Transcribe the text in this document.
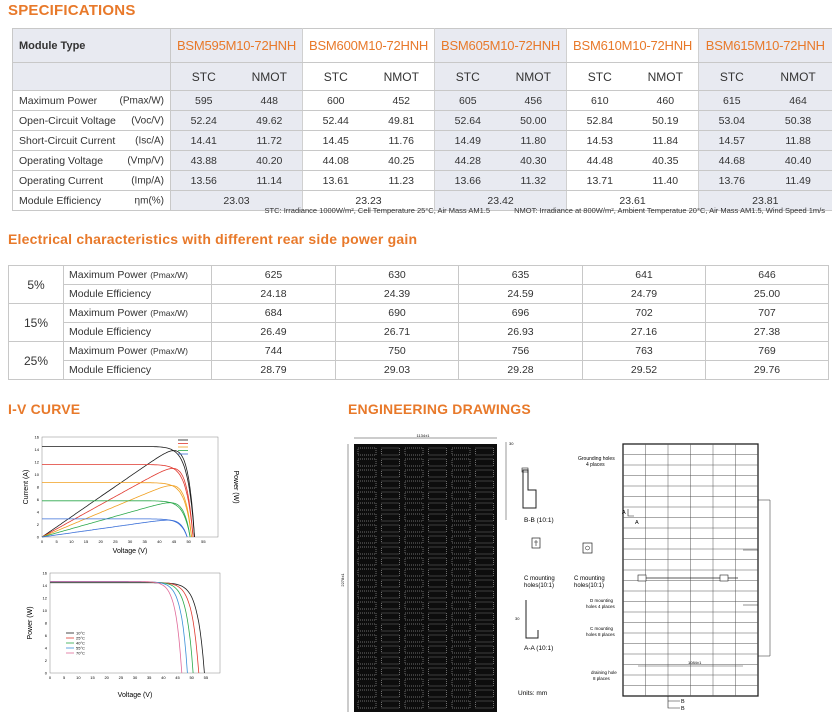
SPECIFICATIONS
Module Type	BSM595M10-72HNH		BSM600M10-72HNH		BSM605M10-72HNH		BSM610M10-72HNH		BSM615M10-72HNH	
	STC	NMOT	STC	NMOT	STC	NMOT	STC	NMOT	STC	NMOT
Maximum Power (Pmax/W)	595	448	600	452	605	456	610	460	615	464
Open-Circuit Voltage (Voc/V)	52.24	49.62	52.44	49.81	52.64	50.00	52.84	50.19	53.04	50.38
Short-Circuit Current (Isc/A)	14.41	11.72	14.45	11.76	14.49	11.80	14.53	11.84	14.57	11.88
Operating Voltage (Vmp/V)	43.88	40.20	44.08	40.25	44.28	40.30	44.48	40.35	44.68	40.40
Operating Current (Imp/A)	13.56	11.14	13.61	11.23	13.66	11.32	13.71	11.40	13.76	11.49
Module Efficiency ηm(%)	23.03		23.23		23.42		23.61		23.81	
STC: Irradiance 1000W/m², Cell Temperature 25°C, Air Mass AM1.5	NMOT: Irradiance at 800W/m², Ambient Temperatue 20°C, Air Mass AM1.5, Wind Speed 1m/s
Electrical characteristics with different rear side power gain
5%	Maximum Power (Pmax/W)	625	630	635	641	646
	Module Efficiency	24.18	24.39	24.59	24.79	25.00
15%	Maximum Power (Pmax/W)	684	690	696	702	707
	Module Efficiency	26.49	26.71	26.93	27.16	27.38
25%	Maximum Power (Pmax/W)	744	750	756	763	769
	Module Efficiency	28.79	29.03	29.28	29.52	29.76
I-V CURVE
0
2
4
6
8
10
12
14
16
0	5	10	15	20	25	30	35	40	45	50	55
Current (A)	Power (W)
Voltage (V)
0
2
4
6
8
10
12
14
16
0	5	10 15 20 25 30 35 40 45 50 55
10°C
25°C
40°C
55°C
70°C
Power (W)
Voltage (V)
ENGINEERING DRAWINGS
1134±1
2278±1
30
B-B (10:1)
C mounting holes(10:1)
30
A-A (10:1)
C mounting holes(10:1)
Units: mm
Grounding holes 4 places
D mounting holes 4 places
C mounting holes 8 places
draining hole 8 places
1084±1
A
A
B
B
